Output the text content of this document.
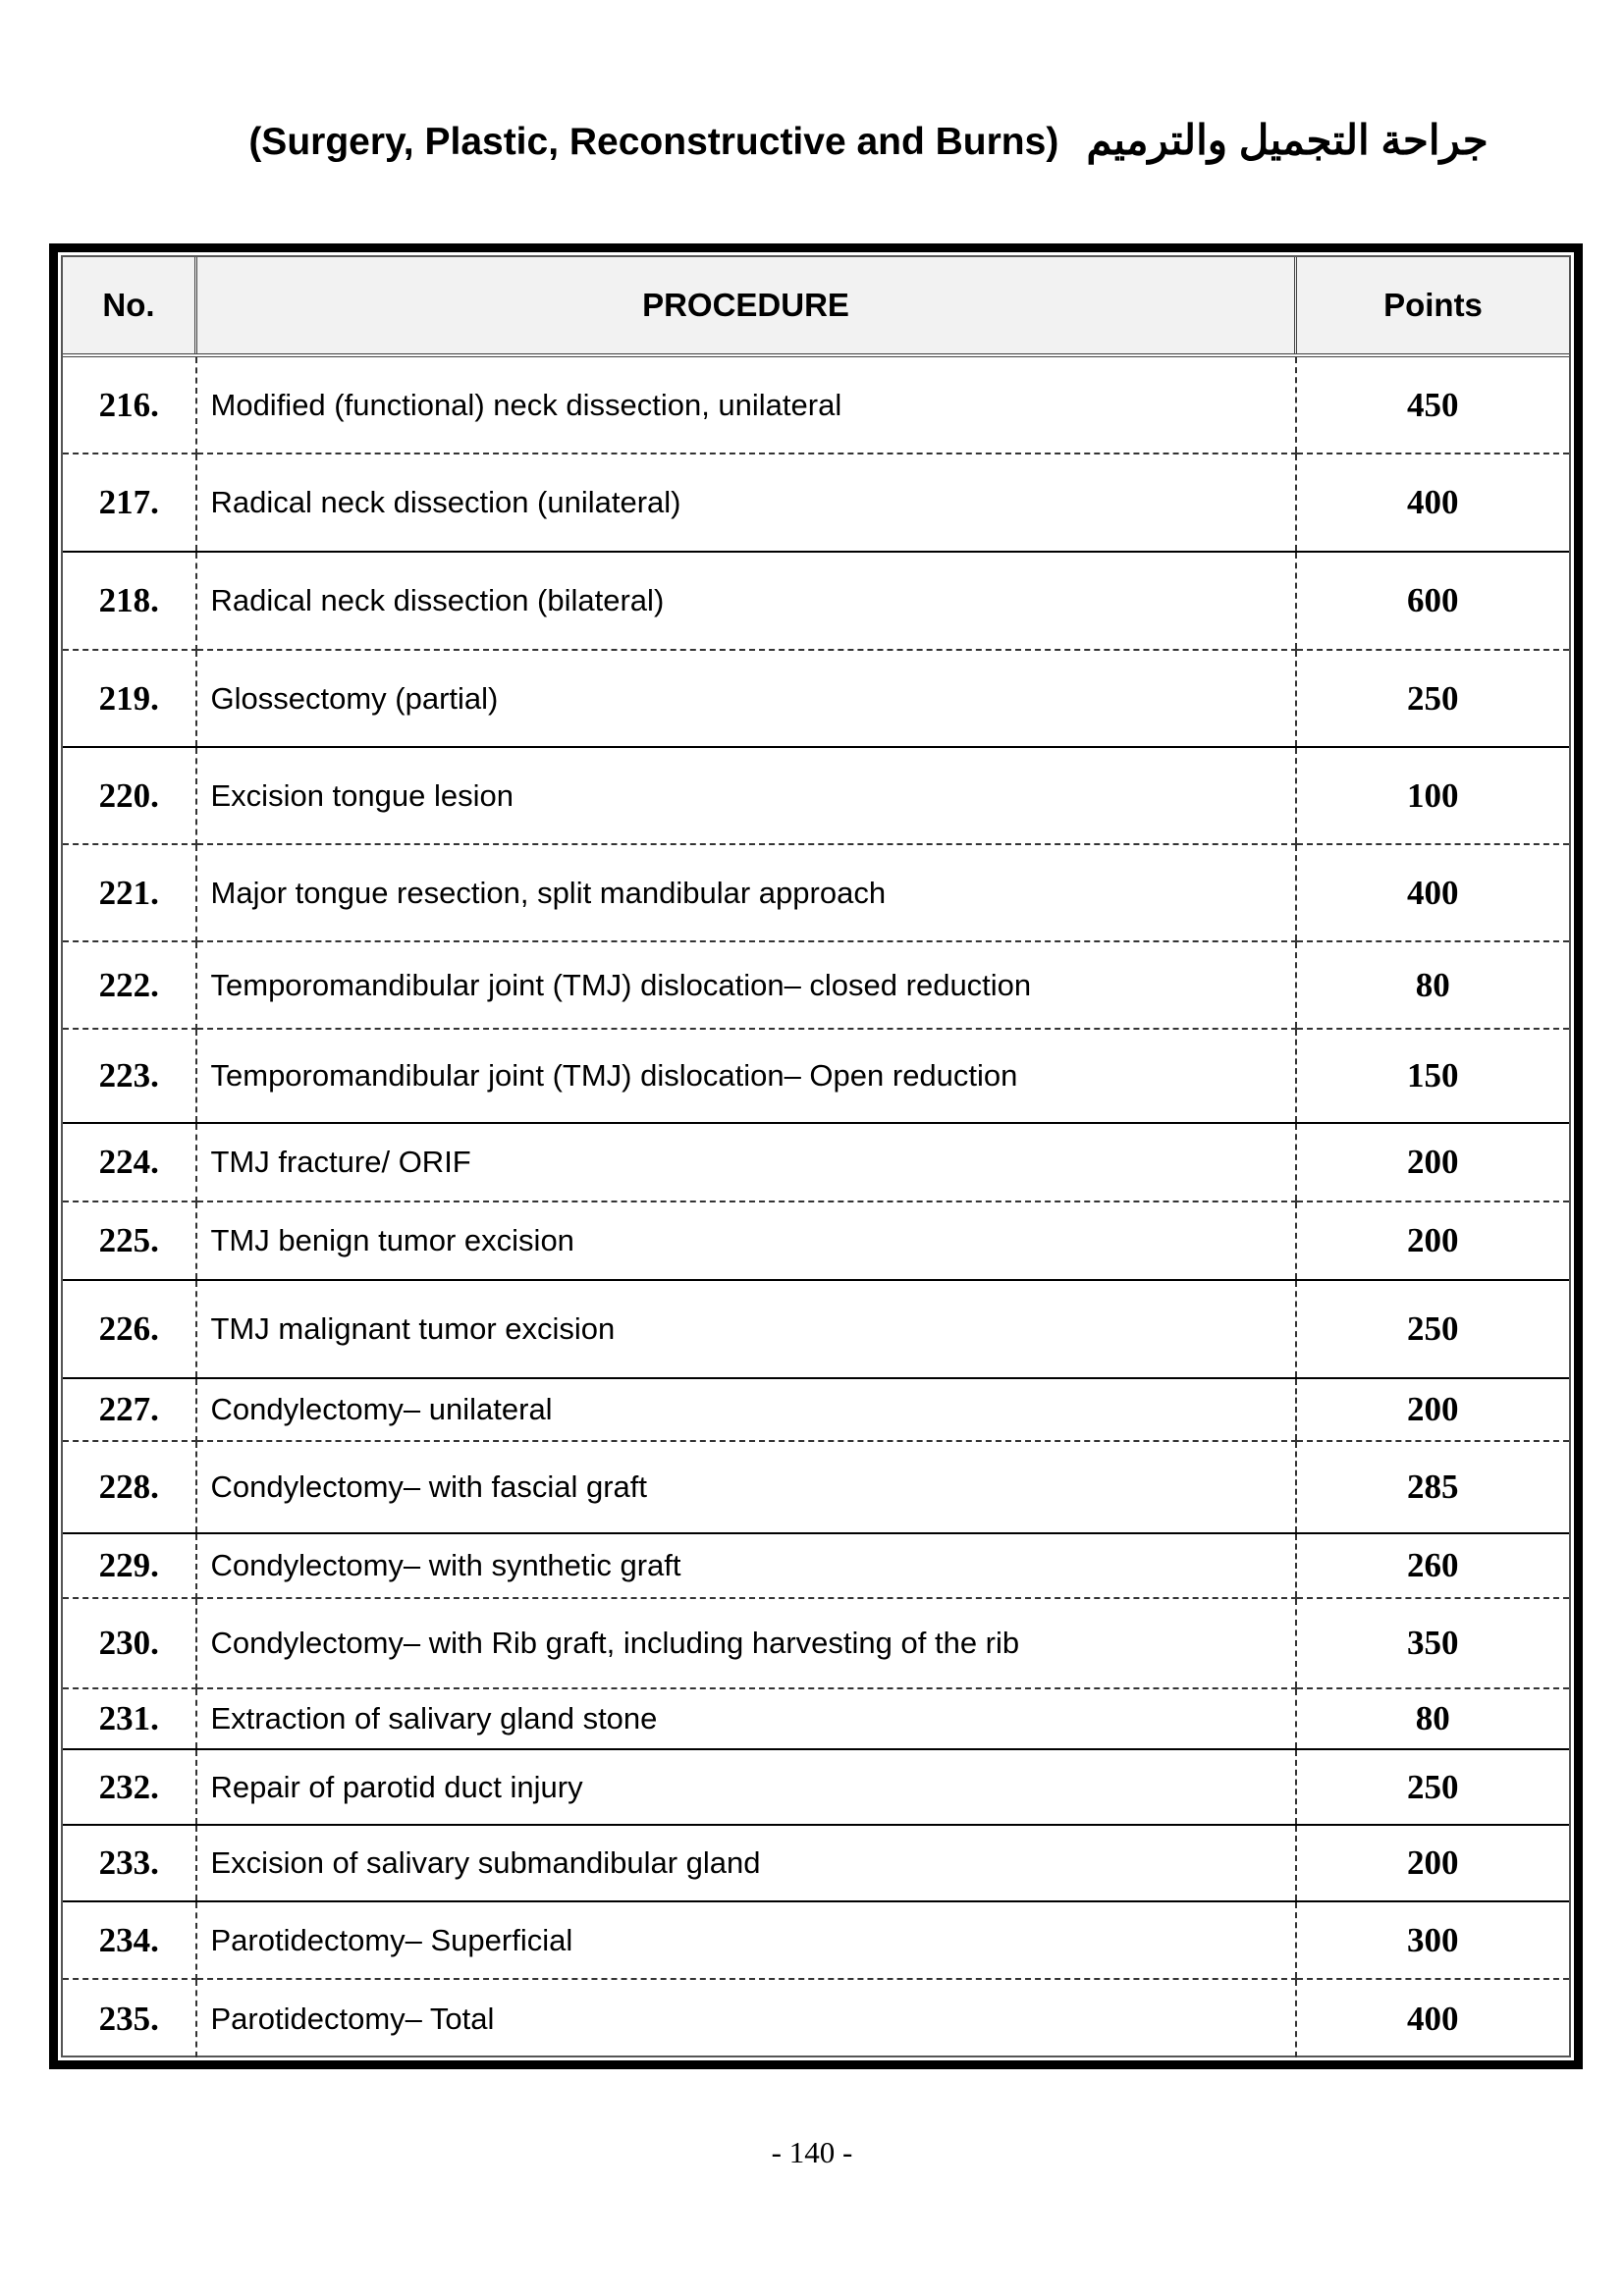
(Surgery, Plastic, Reconstructive and Burns) جراحة التجميل والترميم
No.	PROCEDURE	Points
216.	Modified (functional) neck dissection, unilateral	450
217.	Radical neck dissection (unilateral)	400
218.	Radical neck dissection (bilateral)	600
219.	Glossectomy (partial)	250
220.	Excision tongue lesion	100
221.	Major tongue resection, split mandibular approach	400
222.	Temporomandibular joint (TMJ) dislocation– closed reduction	80
223.	Temporomandibular joint (TMJ) dislocation– Open reduction	150
224.	TMJ fracture/ ORIF	200
225.	TMJ benign tumor excision	200
226.	TMJ malignant tumor excision	250
227.	Condylectomy– unilateral	200
228.	Condylectomy– with fascial graft	285
229.	Condylectomy– with synthetic graft	260
230.	Condylectomy– with Rib graft, including harvesting of the rib	350
231.	Extraction of salivary gland stone	80
232.	Repair of parotid duct injury	250
233.	Excision of salivary submandibular gland	200
234.	Parotidectomy– Superficial	300
235.	Parotidectomy– Total	400
- 140 -
